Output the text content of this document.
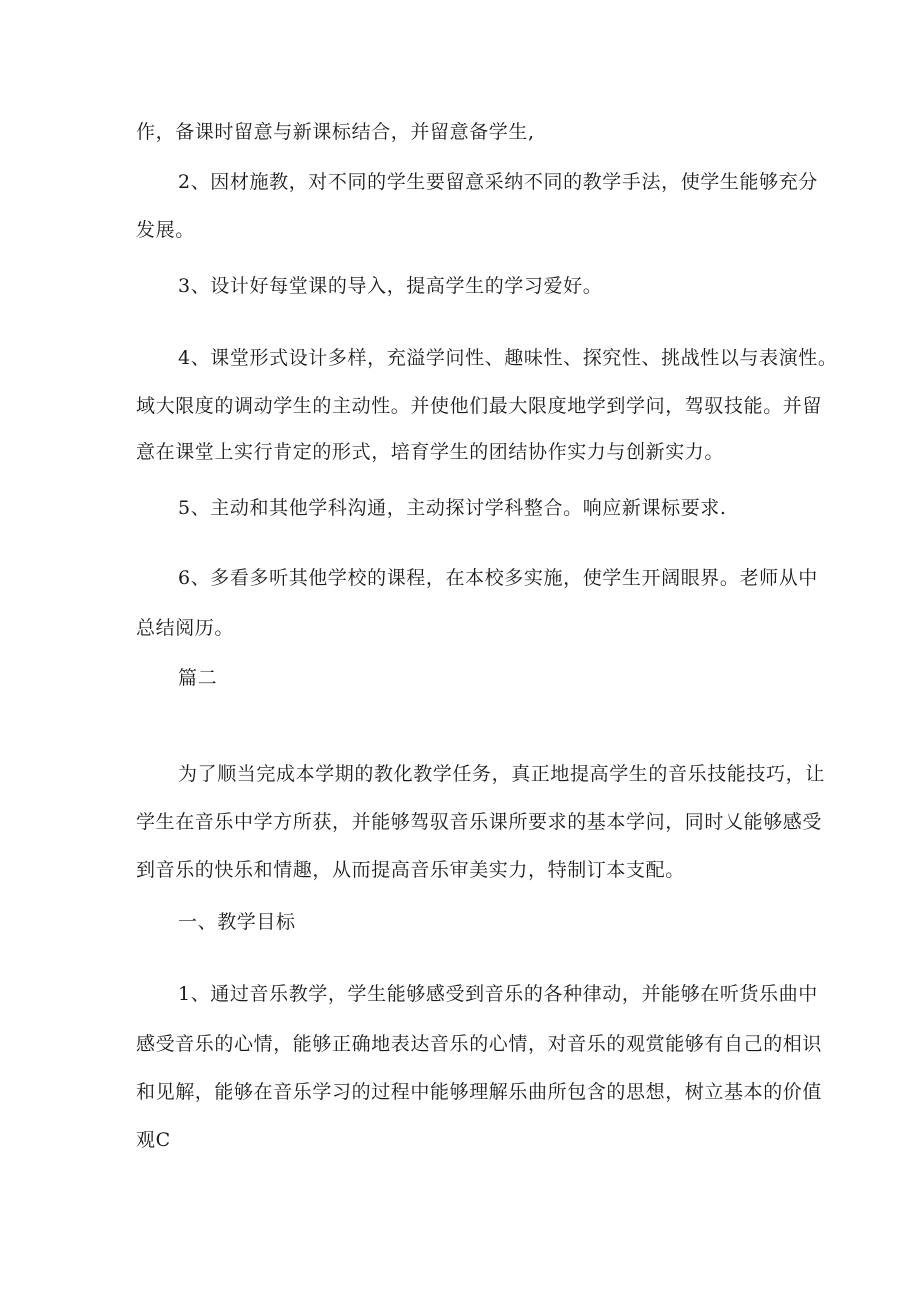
作，备课时留意与新课标结合，并留意备学生,
2、因材施教，对不同的学生要留意采纳不同的教学手法，使学生能够充分
发展。
3、设计好每堂课的导入，提高学生的学习爱好。
4、课堂形式设计多样，充溢学问性、趣味性、探究性、挑战性以与表演性。
域大限度的调动学生的主动性。并使他们最大限度地学到学问，驾驭技能。并留
意在课堂上实行肯定的形式，培育学生的团结协作实力与创新实力。
5、主动和其他学科沟通，主动探讨学科整合。响应新课标要求.
6、多看多听其他学校的课程，在本校多实施，使学生开阔眼界。老师从中
总结阅历。
篇二
为了顺当完成本学期的教化教学任务，真正地提高学生的音乐技能技巧，让
学生在音乐中学方所获，并能够驾驭音乐课所要求的基本学问，同时乂能够感受
到音乐的快乐和情趣，从而提高音乐审美实力，特制订本支配。
一、教学目标
1、通过音乐教学，学生能够感受到音乐的各种律动，并能够在听货乐曲中
感受音乐的心情，能够正确地表达音乐的心情，对音乐的观赏能够有自己的相识
和见解，能够在音乐学习的过程中能够理解乐曲所包含的思想，树立基本的价值
观C
